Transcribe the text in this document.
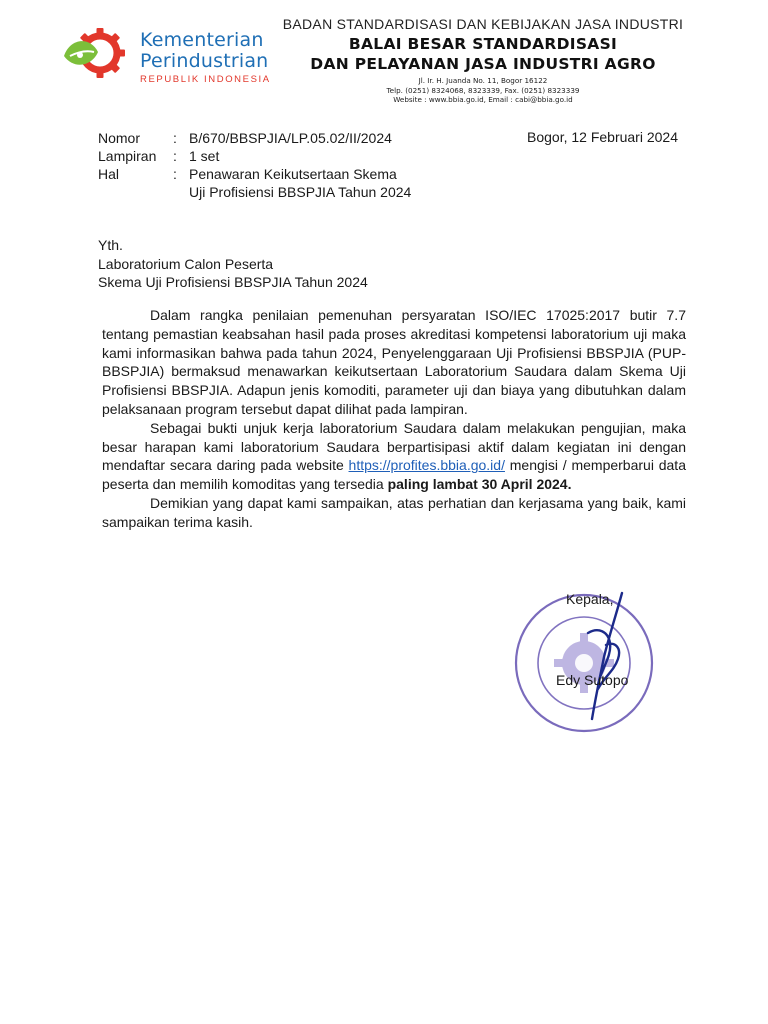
Kementerian
Perindustrian
REPUBLIK INDONESIA
BADAN STANDARDISASI DAN KEBIJAKAN JASA INDUSTRI
BALAI BESAR STANDARDISASI
DAN PELAYANAN JASA INDUSTRI AGRO
Jl. Ir. H. Juanda No. 11, Bogor 16122
Telp. (0251) 8324068, 8323339, Fax. (0251) 8323339
Website : www.bbia.go.id, Email : cabi@bbia.go.id
Nomor	: B/670/BBSPJIA/LP.05.02/II/2024
Lampiran	: 1 set
Hal	: Penawaran Keikutsertaan Skema
Uji Profisiensi BBSPJIA Tahun 2024
Bogor, 12 Februari 2024
Yth.
Laboratorium Calon Peserta
Skema Uji Profisiensi BBSPJIA Tahun 2024

Dalam rangka penilaian pemenuhan persyaratan ISO/IEC 17025:2017 butir 7.7 tentang pemastian keabsahan hasil pada proses akreditasi kompetensi laboratorium uji maka kami informasikan bahwa pada tahun 2024, Penyelenggaraan Uji Profisiensi BBSPJIA (PUP-BBSPJIA) bermaksud menawarkan keikutsertaan Laboratorium Saudara dalam Skema Uji Profisiensi BBSPJIA. Adapun jenis komoditi, parameter uji dan biaya yang dibutuhkan dalam pelaksanaan program tersebut dapat dilihat pada lampiran.

Sebagai bukti unjuk kerja laboratorium Saudara dalam melakukan pengujian, maka besar harapan kami laboratorium Saudara berpartisipasi aktif dalam kegiatan ini dengan mendaftar secara daring pada website https://profites.bbia.go.id/ mengisi / memperbarui data peserta dan memilih komoditas yang tersedia paling lambat 30 April 2024.

Demikian yang dapat kami sampaikan, atas perhatian dan kerjasama yang baik, kami sampaikan terima kasih.

Kepala,
Edy Sutopo
